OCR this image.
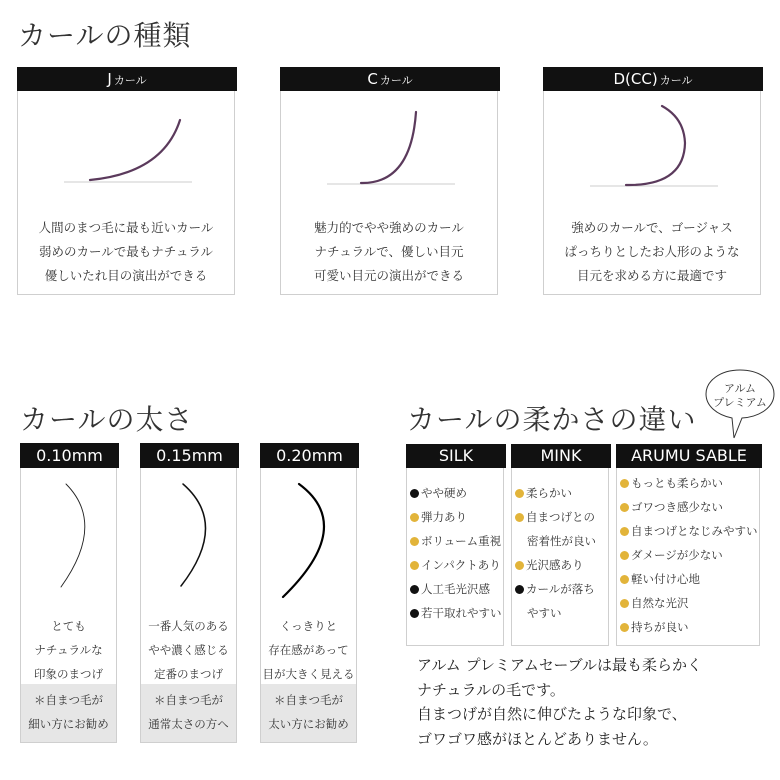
カールの種類
J カール
人間のまつ毛に最も近いカール
弱めのカールで最もナチュラル
優しいたれ目の演出ができる
C カール
魅力的でやや強めのカール
ナチュラルで、優しい目元
可愛い目元の演出ができる
D(CC) カール
強めのカールで、ゴージャス
ぱっちりとしたお人形のような
目元を求める方に最適です
カールの太さ
0.10mm
とても
ナチュラルな
印象のまつげ
＊自まつ毛が
細い方にお勧め
0.15mm
一番人気のある
やや濃く感じる
定番のまつげ
＊自まつ毛が
通常太さの方へ
0.20mm
くっきりと
存在感があって
目が大きく見える
＊自まつ毛が
太い方にお勧め
カールの柔かさの違い
アルム
プレミアム
SILK
やや硬め
弾力あり
ボリューム重視
インパクトあり
人工毛光沢感
若干取れやすい
MINK
柔らかい
自まつげとの
密着性が良い
光沢感あり
カールが落ち
やすい
ARUMU SABLE
もっとも柔らかい
ゴワつき感少ない
自まつげとなじみやすい
ダメージが少ない
軽い付け心地
自然な光沢
持ちが良い
アルム プレミアムセーブルは最も柔らかく
ナチュラルの毛です。
自まつげが自然に伸びたような印象で、
ゴワゴワ感がほとんどありません。
